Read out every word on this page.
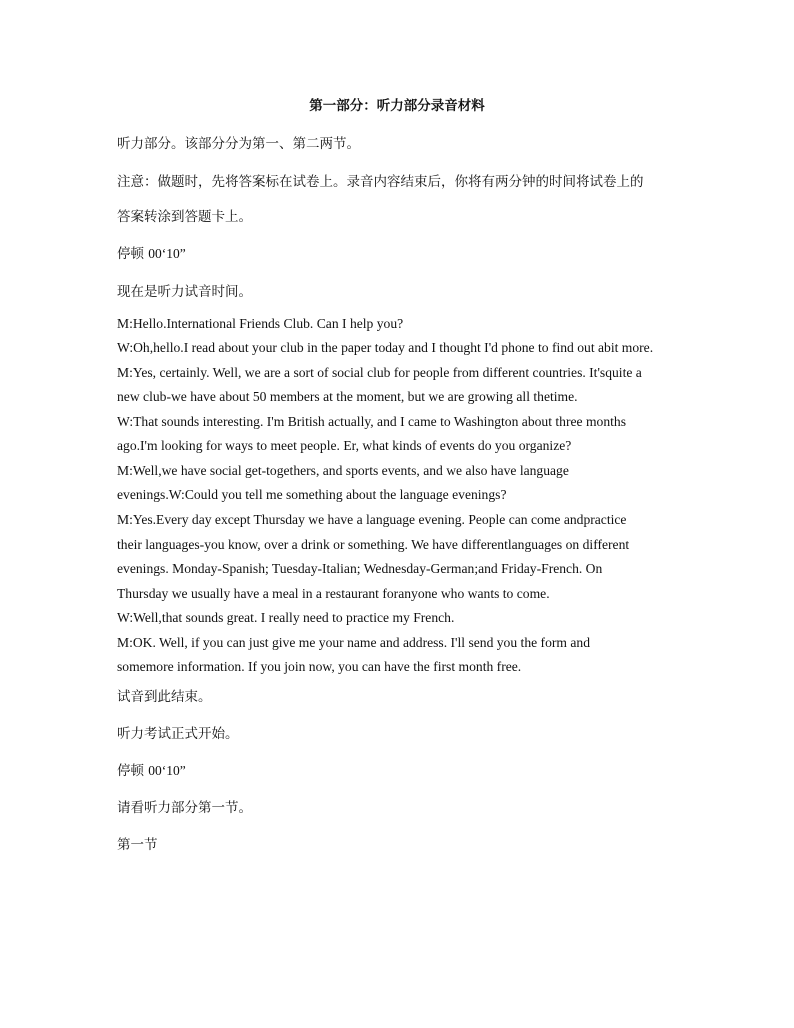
第一部分：听力部分录音材料
听力部分。该部分分为第一、第二两节。
注意：做题时，先将答案标在试卷上。录音内容结束后，你将有两分钟的时间将试卷上的
答案转涂到答题卡上。
停顿 00‘10”
现在是听力试音时间。
M:Hello.International Friends Club. Can I help you?
W:Oh,hello.I read about your club in the paper today and I thought I'd phone to find out abit more.
M:Yes, certainly. Well, we are a sort of social club for people from different countries. It'squite a
new club-we have about 50 members at the moment, but we are growing all thetime.
W:That sounds interesting. I'm British actually, and I came to Washington about three months
ago.I'm looking for ways to meet people. Er, what kinds of events do you organize?
M:Well,we have social get-togethers, and sports events, and we also have language
evenings.W:Could you tell me something about the language evenings?
M:Yes.Every day except Thursday we have a language evening. People can come andpractice
their languages-you know, over a drink or something. We have differentlanguages on different
evenings. Monday-Spanish; Tuesday-Italian; Wednesday-German;and Friday-French. On
Thursday we usually have a meal in a restaurant foranyone who wants to come.
W:Well,that sounds great. I really need to practice my French.
M:OK. Well, if you can just give me your name and address. I'll send you the form and
somemore information. If you join now, you can have the first month free.
试音到此结束。
听力考试正式开始。
停顿 00‘10”
请看听力部分第一节。
第一节
